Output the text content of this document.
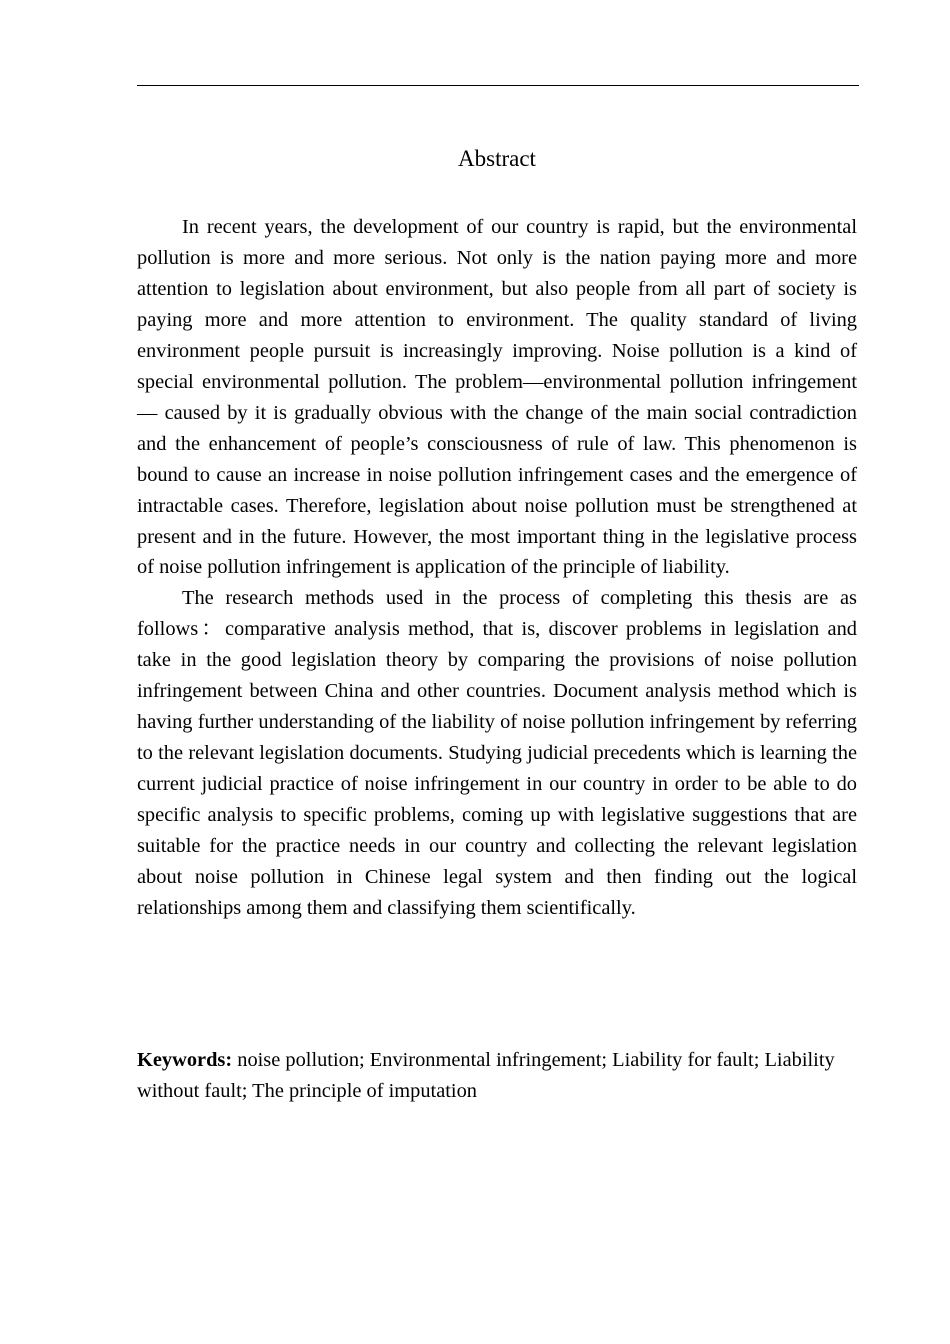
Abstract

In recent years, the development of our country is rapid, but the environmental pollution is more and more serious. Not only is the nation paying more and more attention to legislation about environment, but also people from all part of society is paying more and more attention to environment. The quality standard of living environment people pursuit is increasingly improving. Noise pollution is a kind of special environmental pollution. The problem—environmental pollution infringement — caused by it is gradually obvious with the change of the main social contradiction and the enhancement of people’s consciousness of rule of law. This phenomenon is bound to cause an increase in noise pollution infringement cases and the emergence of intractable cases. Therefore, legislation about noise pollution must be strengthened at present and in the future. However, the most important thing in the legislative process of noise pollution infringement is application of the principle of liability.

The research methods used in the process of completing this thesis are as follows：comparative analysis method, that is, discover problems in legislation and take in the good legislation theory by comparing the provisions of noise pollution infringement between China and other countries. Document analysis method which is having further understanding of the liability of noise pollution infringement by referring to the relevant legislation documents. Studying judicial precedents which is learning the current judicial practice of noise infringement in our country in order to be able to do specific analysis to specific problems, coming up with legislative suggestions that are suitable for the practice needs in our country and collecting the relevant legislation about noise pollution in Chinese legal system and then finding out the logical relationships among them and classifying them scientifically.

Keywords: noise pollution; Environmental infringement; Liability for fault; Liability without fault; The principle of imputation
